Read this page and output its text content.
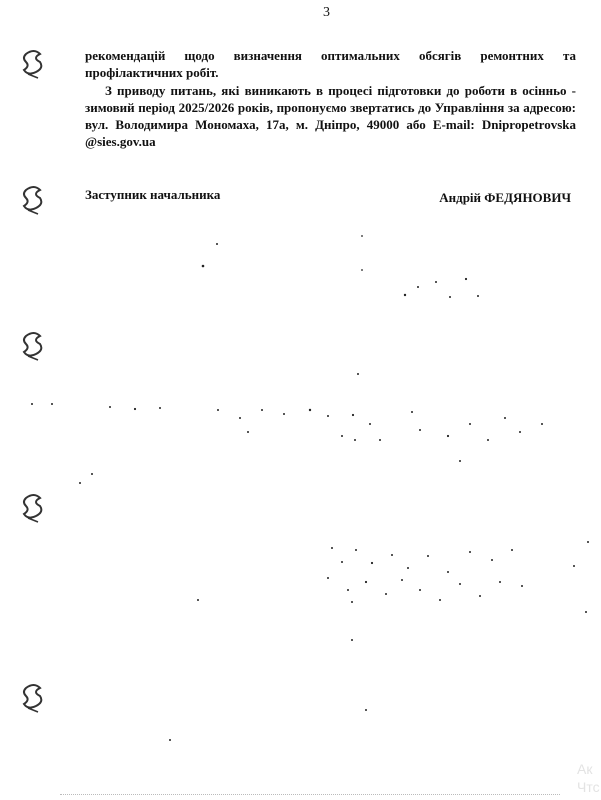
3
рекомендацій щодо визначення оптимальних обсягів ремонтних та профілактичних робіт.
З приводу питань, які виникають в процесі підготовки до роботи в осінньо - зимовий період 2025/2026 років, пропонуємо звертатись до Управління за адресою: вул. Володимира Мономаха, 17а, м. Дніпро, 49000 або E-mail: Dnipropetrovska @sies.gov.ua
Заступник начальника	Андрій ФЕДЯНОВИЧ
Ак
Чтс
